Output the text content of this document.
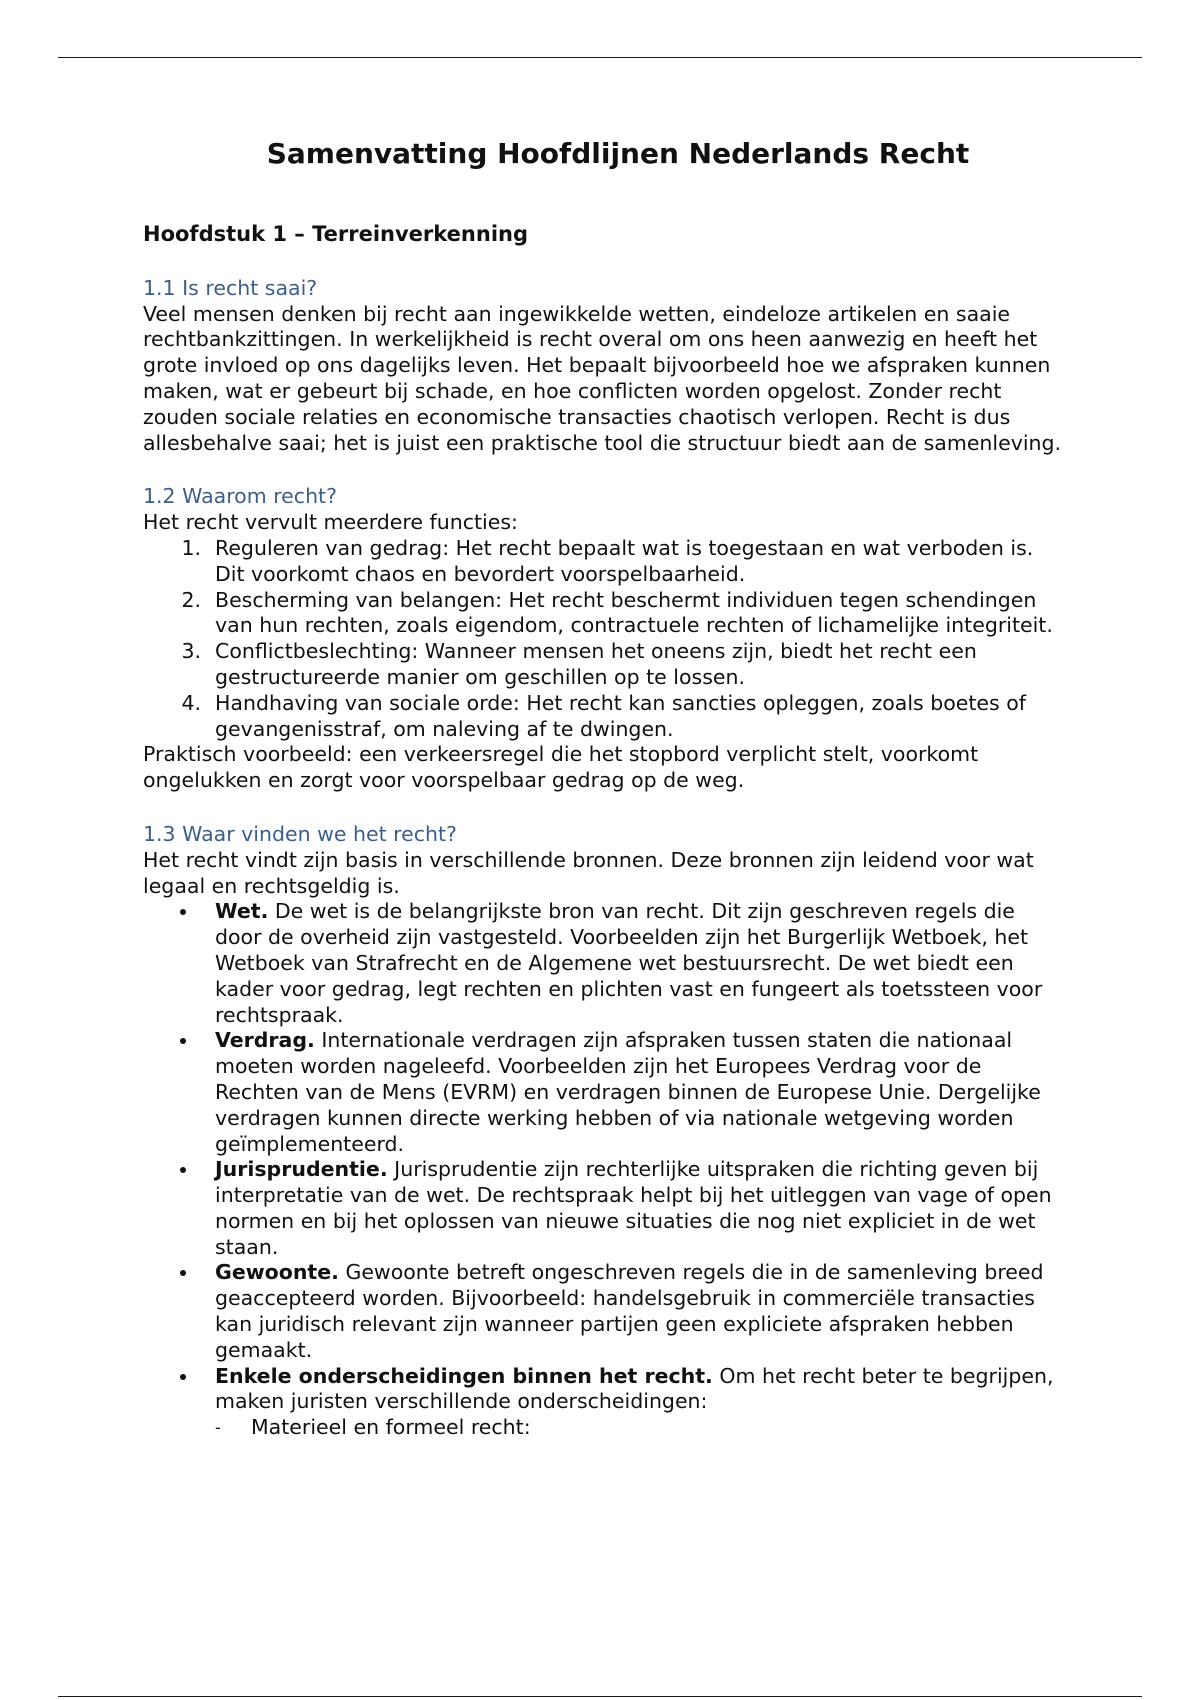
Samenvatting Hoofdlijnen Nederlands Recht
Hoofdstuk 1 – Terreinverkenning
1.1 Is recht saai?

Veel mensen denken bij recht aan ingewikkelde wetten, eindeloze artikelen en saaie rechtbankzittingen. In werkelijkheid is recht overal om ons heen aanwezig en heeft het grote invloed op ons dagelijks leven. Het bepaalt bijvoorbeeld hoe we afspraken kunnen maken, wat er gebeurt bij schade, en hoe conflicten worden opgelost. Zonder recht zouden sociale relaties en economische transacties chaotisch verlopen. Recht is dus allesbehalve saai; het is juist een praktische tool die structuur biedt aan de samenleving.

1.2 Waarom recht?

Het recht vervult meerdere functies:

1. Reguleren van gedrag: Het recht bepaalt wat is toegestaan en wat verboden is. Dit voorkomt chaos en bevordert voorspelbaarheid.
2. Bescherming van belangen: Het recht beschermt individuen tegen schendingen van hun rechten, zoals eigendom, contractuele rechten of lichamelijke integriteit.
3. Conflictbeslechting: Wanneer mensen het oneens zijn, biedt het recht een gestructureerde manier om geschillen op te lossen.
4. Handhaving van sociale orde: Het recht kan sancties opleggen, zoals boetes of gevangenisstraf, om naleving af te dwingen.

Praktisch voorbeeld: een verkeersregel die het stopbord verplicht stelt, voorkomt ongelukken en zorgt voor voorspelbaar gedrag op de weg.

1.3 Waar vinden we het recht?

Het recht vindt zijn basis in verschillende bronnen. Deze bronnen zijn leidend voor wat legaal en rechtsgeldig is.

Wet. De wet is de belangrijkste bron van recht. Dit zijn geschreven regels die door de overheid zijn vastgesteld. Voorbeelden zijn het Burgerlijk Wetboek, het Wetboek van Strafrecht en de Algemene wet bestuursrecht. De wet biedt een kader voor gedrag, legt rechten en plichten vast en fungeert als toetssteen voor rechtspraak.
Verdrag. Internationale verdragen zijn afspraken tussen staten die nationaal moeten worden nageleefd. Voorbeelden zijn het Europees Verdrag voor de Rechten van de Mens (EVRM) en verdragen binnen de Europese Unie. Dergelijke verdragen kunnen directe werking hebben of via nationale wetgeving worden geïmplementeerd.
Jurisprudentie. Jurisprudentie zijn rechterlijke uitspraken die richting geven bij interpretatie van de wet. De rechtspraak helpt bij het uitleggen van vage of open normen en bij het oplossen van nieuwe situaties die nog niet expliciet in de wet staan.
Gewoonte. Gewoonte betreft ongeschreven regels die in de samenleving breed geaccepteerd worden. Bijvoorbeeld: handelsgebruik in commerciële transacties kan juridisch relevant zijn wanneer partijen geen expliciete afspraken hebben gemaakt.
Enkele onderscheidingen binnen het recht. Om het recht beter te begrijpen, maken juristen verschillende onderscheidingen:
- Materieel en formeel recht:
